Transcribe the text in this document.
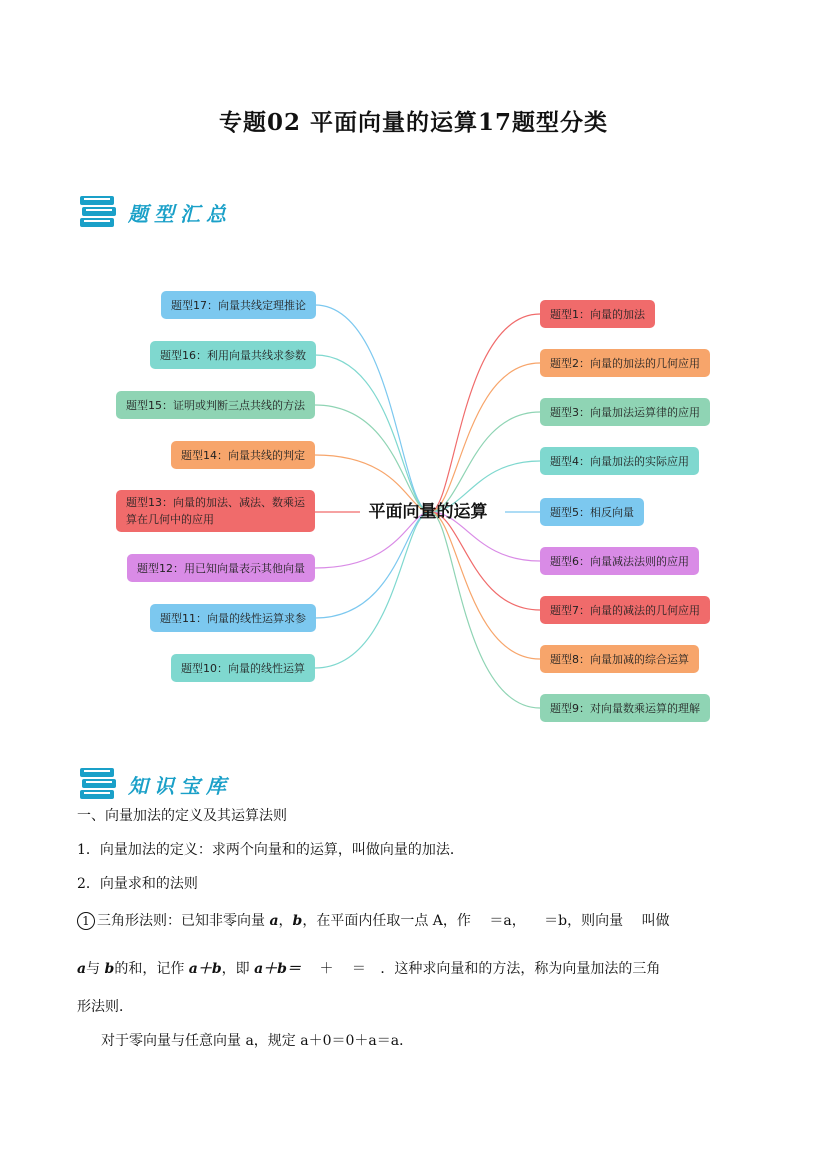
专题02 平面向量的运算17题型分类
题型汇总
平面向量的运算
题型1：向量的加法
题型2：向量的加法的几何应用
题型3：向量加法运算律的应用
题型4：向量加法的实际应用
题型5：相反向量
题型6：向量减法法则的应用
题型7：向量的减法的几何应用
题型8：向量加减的综合运算
题型9：对向量数乘运算的理解
题型17：向量共线定理推论
题型16：利用向量共线求参数
题型15：证明或判断三点共线的方法
题型14：向量共线的判定
题型13：向量的加法、减法、数乘运算在几何中的应用
题型12：用已知向量表示其他向量
题型11：向量的线性运算求参
题型10：向量的线性运算
知识宝库
一、向量加法的定义及其运算法则
1．向量加法的定义：求两个向量和的运算，叫做向量的加法．
2．向量求和的法则
1 三角形法则：已知非零向量 a，b，在平面内任取一点 A，作 ＝a， ＝b，则向量 叫做
a与 b的和，记作 a＋b，即 a＋b＝ ＋ ＝ ．这种求向量和的方法，称为向量加法的三角
形法则．
对于零向量与任意向量 a，规定 a＋0＝0＋a＝a．
